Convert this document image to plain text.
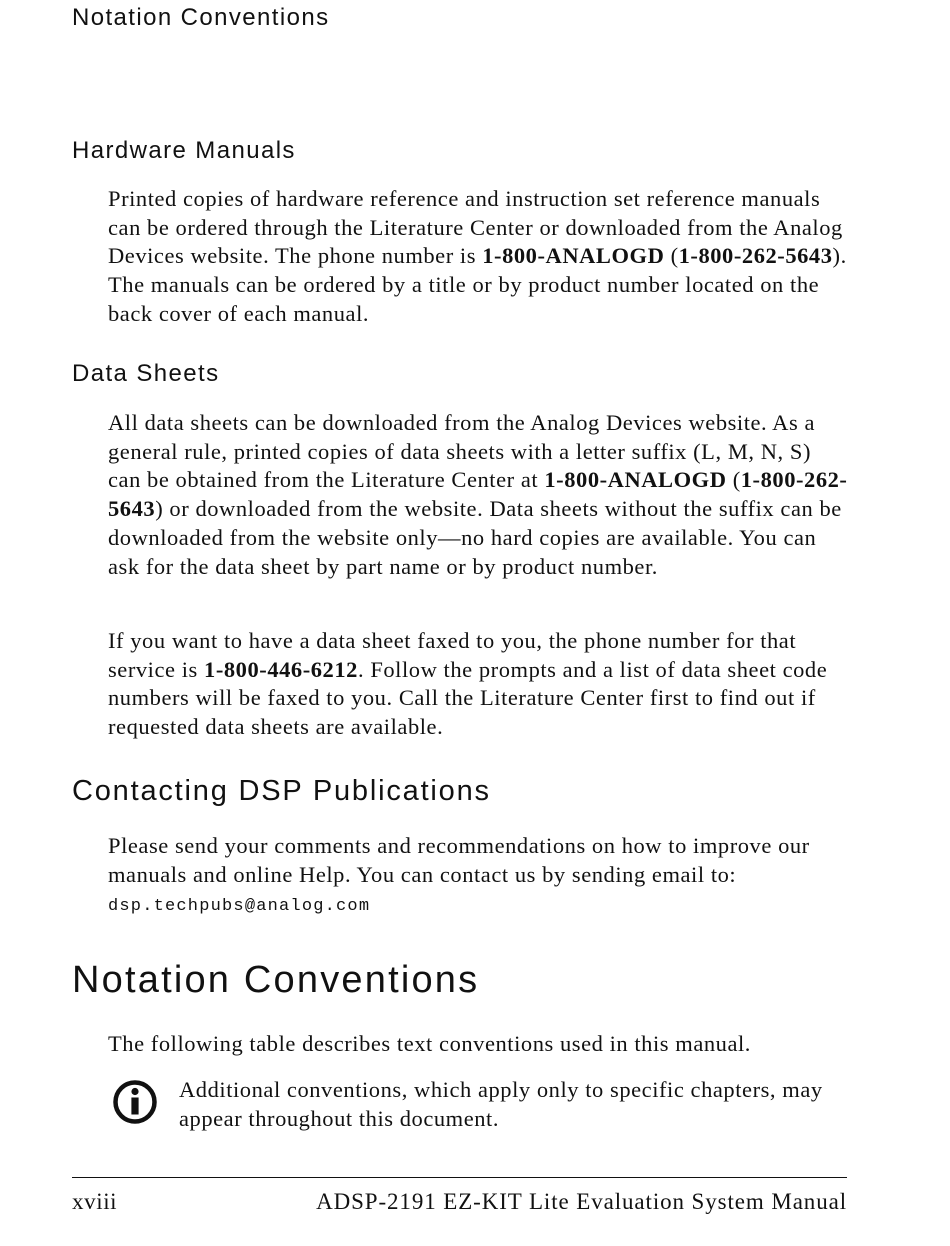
Notation Conventions
Hardware Manuals

Printed copies of hardware reference and instruction set reference manuals can be ordered through the Literature Center or downloaded from the Analog Devices website. The phone number is 1-800-ANALOGD (1-800-262-5643). The manuals can be ordered by a title or by product number located on the back cover of each manual.

Data Sheets

All data sheets can be downloaded from the Analog Devices website. As a general rule, printed copies of data sheets with a letter suffix (L, M, N, S) can be obtained from the Literature Center at 1-800-ANALOGD (1-800-262-5643) or downloaded from the website. Data sheets without the suffix can be downloaded from the website only—no hard copies are available. You can ask for the data sheet by part name or by product number.

If you want to have a data sheet faxed to you, the phone number for that service is 1-800-446-6212. Follow the prompts and a list of data sheet code numbers will be faxed to you. Call the Literature Center first to find out if requested data sheets are available.

Contacting DSP Publications

Please send your comments and recommendations on how to improve our manuals and online Help. You can contact us by sending email to: dsp.techpubs@analog.com

Notation Conventions

The following table describes text conventions used in this manual.

Additional conventions, which apply only to specific chapters, may appear throughout this document.

xviii	ADSP-2191 EZ-KIT Lite Evaluation System Manual
